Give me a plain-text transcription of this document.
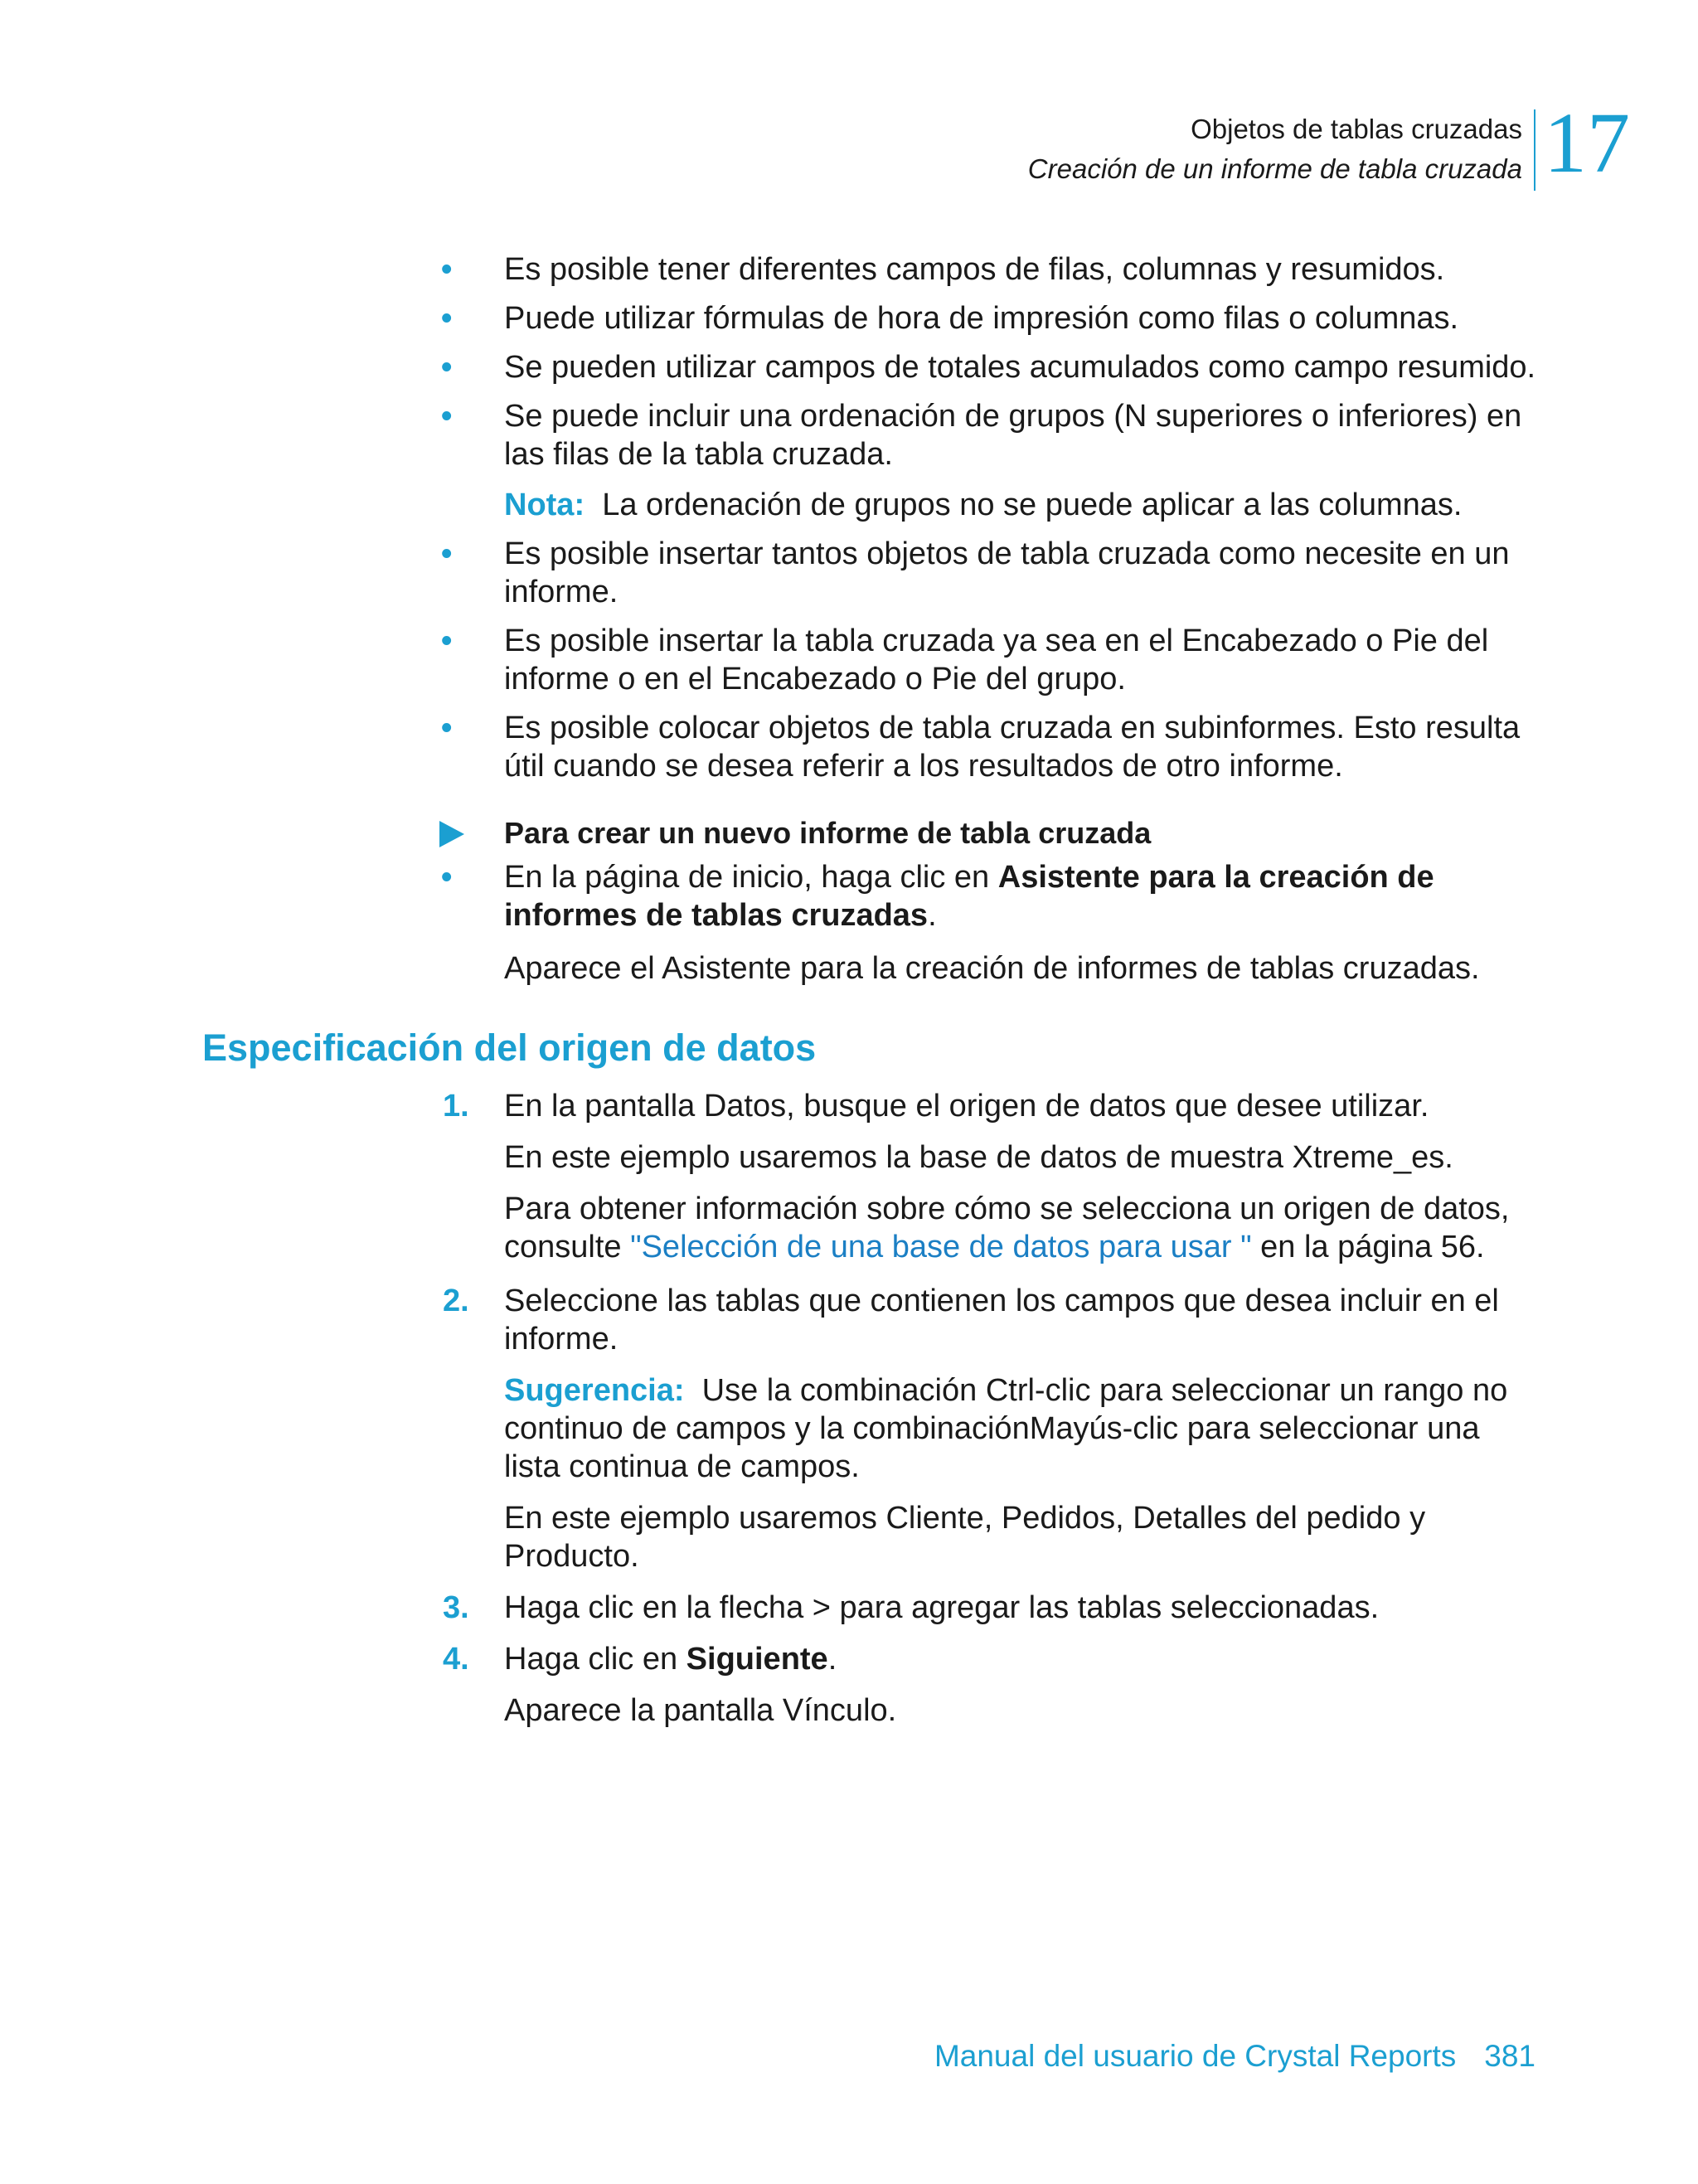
Objetos de tablas cruzadas
Creación de un informe de tabla cruzada 17
•	Es posible tener diferentes campos de filas, columnas y resumidos.
•	Puede utilizar fórmulas de hora de impresión como filas o columnas.
•	Se pueden utilizar campos de totales acumulados como campo resumido.
•	Se puede incluir una ordenación de grupos (N superiores o inferiores) en las filas de la tabla cruzada.
Nota: La ordenación de grupos no se puede aplicar a las columnas.
•	Es posible insertar tantos objetos de tabla cruzada como necesite en un informe.
•	Es posible insertar la tabla cruzada ya sea en el Encabezado o Pie del informe o en el Encabezado o Pie del grupo.
•	Es posible colocar objetos de tabla cruzada en subinformes. Esto resulta útil cuando se desea referir a los resultados de otro informe.
Para crear un nuevo informe de tabla cruzada
•	En la página de inicio, haga clic en Asistente para la creación de informes de tablas cruzadas.
Aparece el Asistente para la creación de informes de tablas cruzadas.
Especificación del origen de datos
1. En la pantalla Datos, busque el origen de datos que desee utilizar.
En este ejemplo usaremos la base de datos de muestra Xtreme_es.
Para obtener información sobre cómo se selecciona un origen de datos, consulte "Selección de una base de datos para usar " en la página 56.
2. Seleccione las tablas que contienen los campos que desea incluir en el informe.
Sugerencia: Use la combinación Ctrl-clic para seleccionar un rango no continuo de campos y la combinaciónMayús-clic para seleccionar una lista continua de campos.
En este ejemplo usaremos Cliente, Pedidos, Detalles del pedido y Producto.
3. Haga clic en la flecha > para agregar las tablas seleccionadas.
4. Haga clic en Siguiente.
Aparece la pantalla Vínculo.
Manual del usuario de Crystal Reports 381
